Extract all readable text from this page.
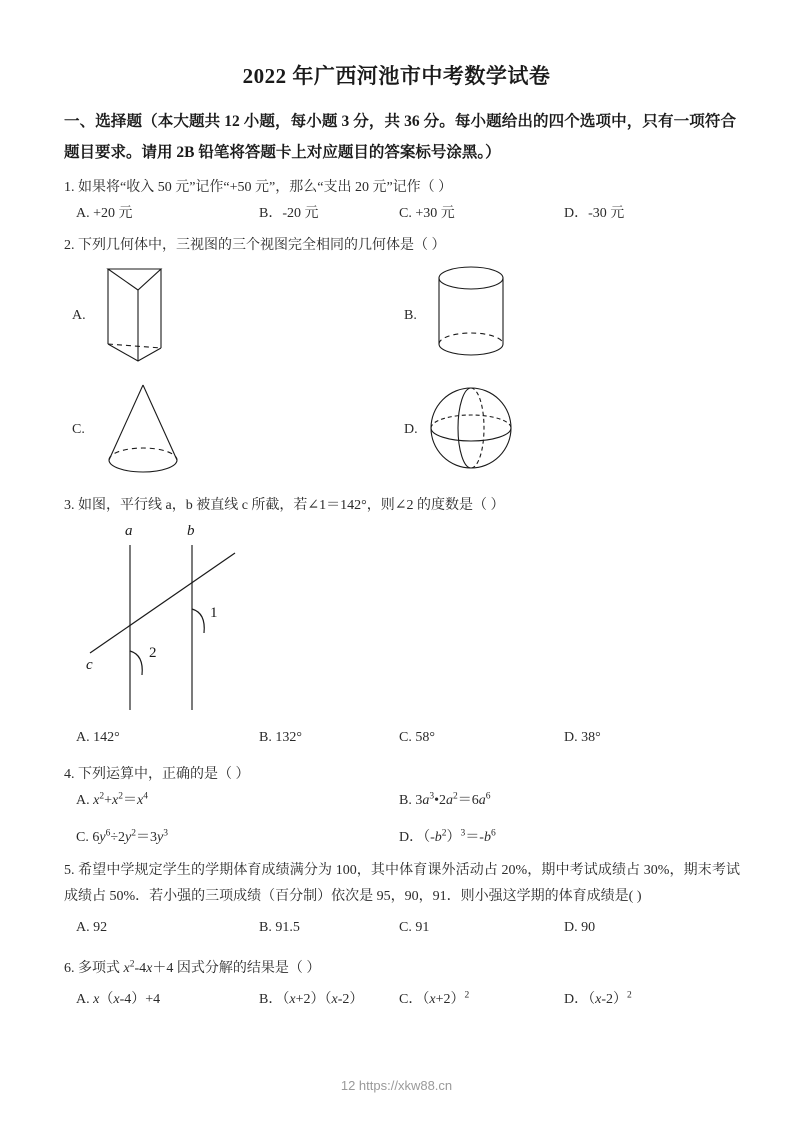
2022 年广西河池市中考数学试卷
一、选择题（本大题共 12 小题，每小题 3 分，共 36 分。每小题给出的四个选项中，只有一项符合题目要求。请用 2B 铅笔将答题卡上对应题目的答案标号涂黑。）
1. 如果将“收入 50 元”记作“+50 元”，那么“支出 20 元”记作（ ）
A. +20 元	B．-20 元	C. +30 元	D．-30 元
2. 下列几何体中，三视图的三个视图完全相同的几何体是（ ）
A.	B.
C.	D.
3. 如图，平行线 a，b 被直线 c 所截，若∠1＝142°，则∠2 的度数是（ ）
a	b
c
1
2
A. 142°	B. 132°	C. 58°	D. 38°
4. 下列运算中，正确的是（ ）
A. $x^2+x^2=x^4$	B. $3a^3•2a^2=6a^6$
C. $6y^6\div 2y^2=3y^3$	D．$(-b^2)^3=-b^6$
5. 希望中学规定学生的学期体育成绩满分为 100，其中体育课外活动占 20%，期中考试成绩占 30%，期末考试成绩占 50%．若小强的三项成绩（百分制）依次是 95，90，91．则小强这学期的体育成绩是( )
A. 92	B. 91.5	C. 91	D. 90
6. 多项式 $x^2-4x+4$ 因式分解的结果是（ ）
A. x（x-4）+4	B．（x+2）（x-2）	C．$(x+2)^2$	D．$(x-2)^2$
12 https://xkw88.cn
